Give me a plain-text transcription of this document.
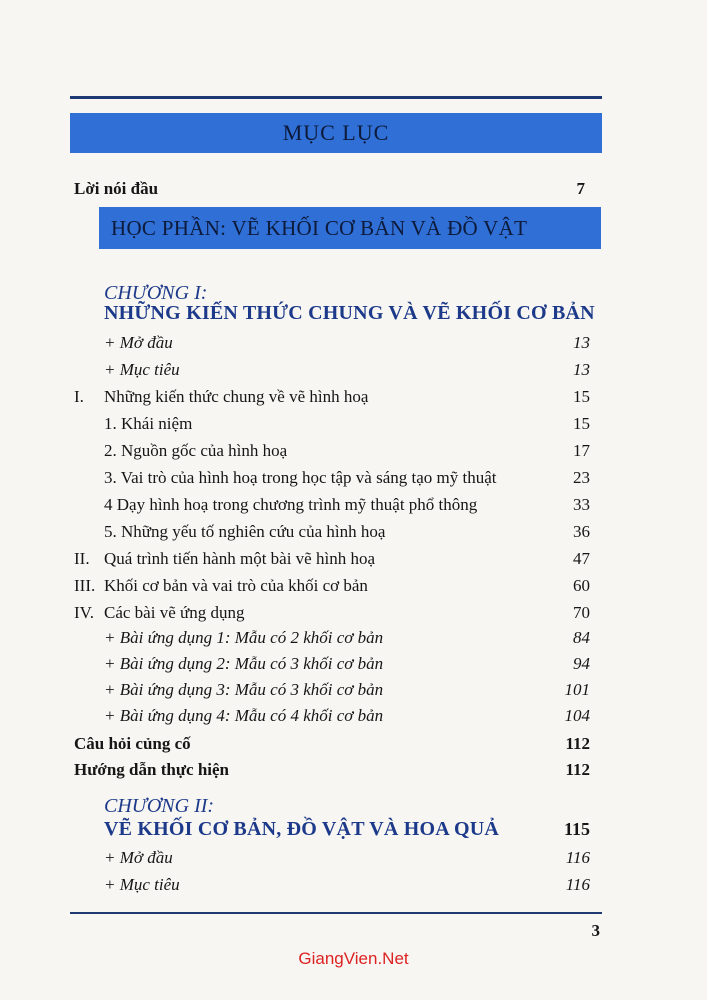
MỤC LỤC
Lời nói đầu	7
HỌC PHẦN: VẼ KHỐI CƠ BẢN VÀ ĐỒ VẬT
CHƯƠNG I:
NHỮNG KIẾN THỨC CHUNG VÀ VẼ KHỐI CƠ BẢN
+ Mở đầu	13
+ Mục tiêu	13
I. Những kiến thức chung về vẽ hình hoạ	15
1. Khái niệm	15
2. Nguồn gốc của hình hoạ	17
3. Vai trò của hình hoạ trong học tập và sáng tạo mỹ thuật	23
4 Dạy hình hoạ trong chương trình mỹ thuật phổ thông	33
5. Những yếu tố nghiên cứu của hình hoạ	36
II. Quá trình tiến hành một bài vẽ hình hoạ	47
III. Khối cơ bản và vai trò của khối cơ bản	60
IV. Các bài vẽ ứng dụng	70
+ Bài ứng dụng 1: Mẫu có 2 khối cơ bản	84
+ Bài ứng dụng 2: Mẫu có 3 khối cơ bản	94
+ Bài ứng dụng 3: Mẫu có 3 khối cơ bản	101
+ Bài ứng dụng 4: Mẫu có 4 khối cơ bản	104
Câu hỏi củng cố	112
Hướng dẫn thực hiện	112
CHƯƠNG II:
VẼ KHỐI CƠ BẢN, ĐỒ VẬT VÀ HOA QUẢ	115
+ Mở đầu	116
+ Mục tiêu	116
3
GiangVien.Net
